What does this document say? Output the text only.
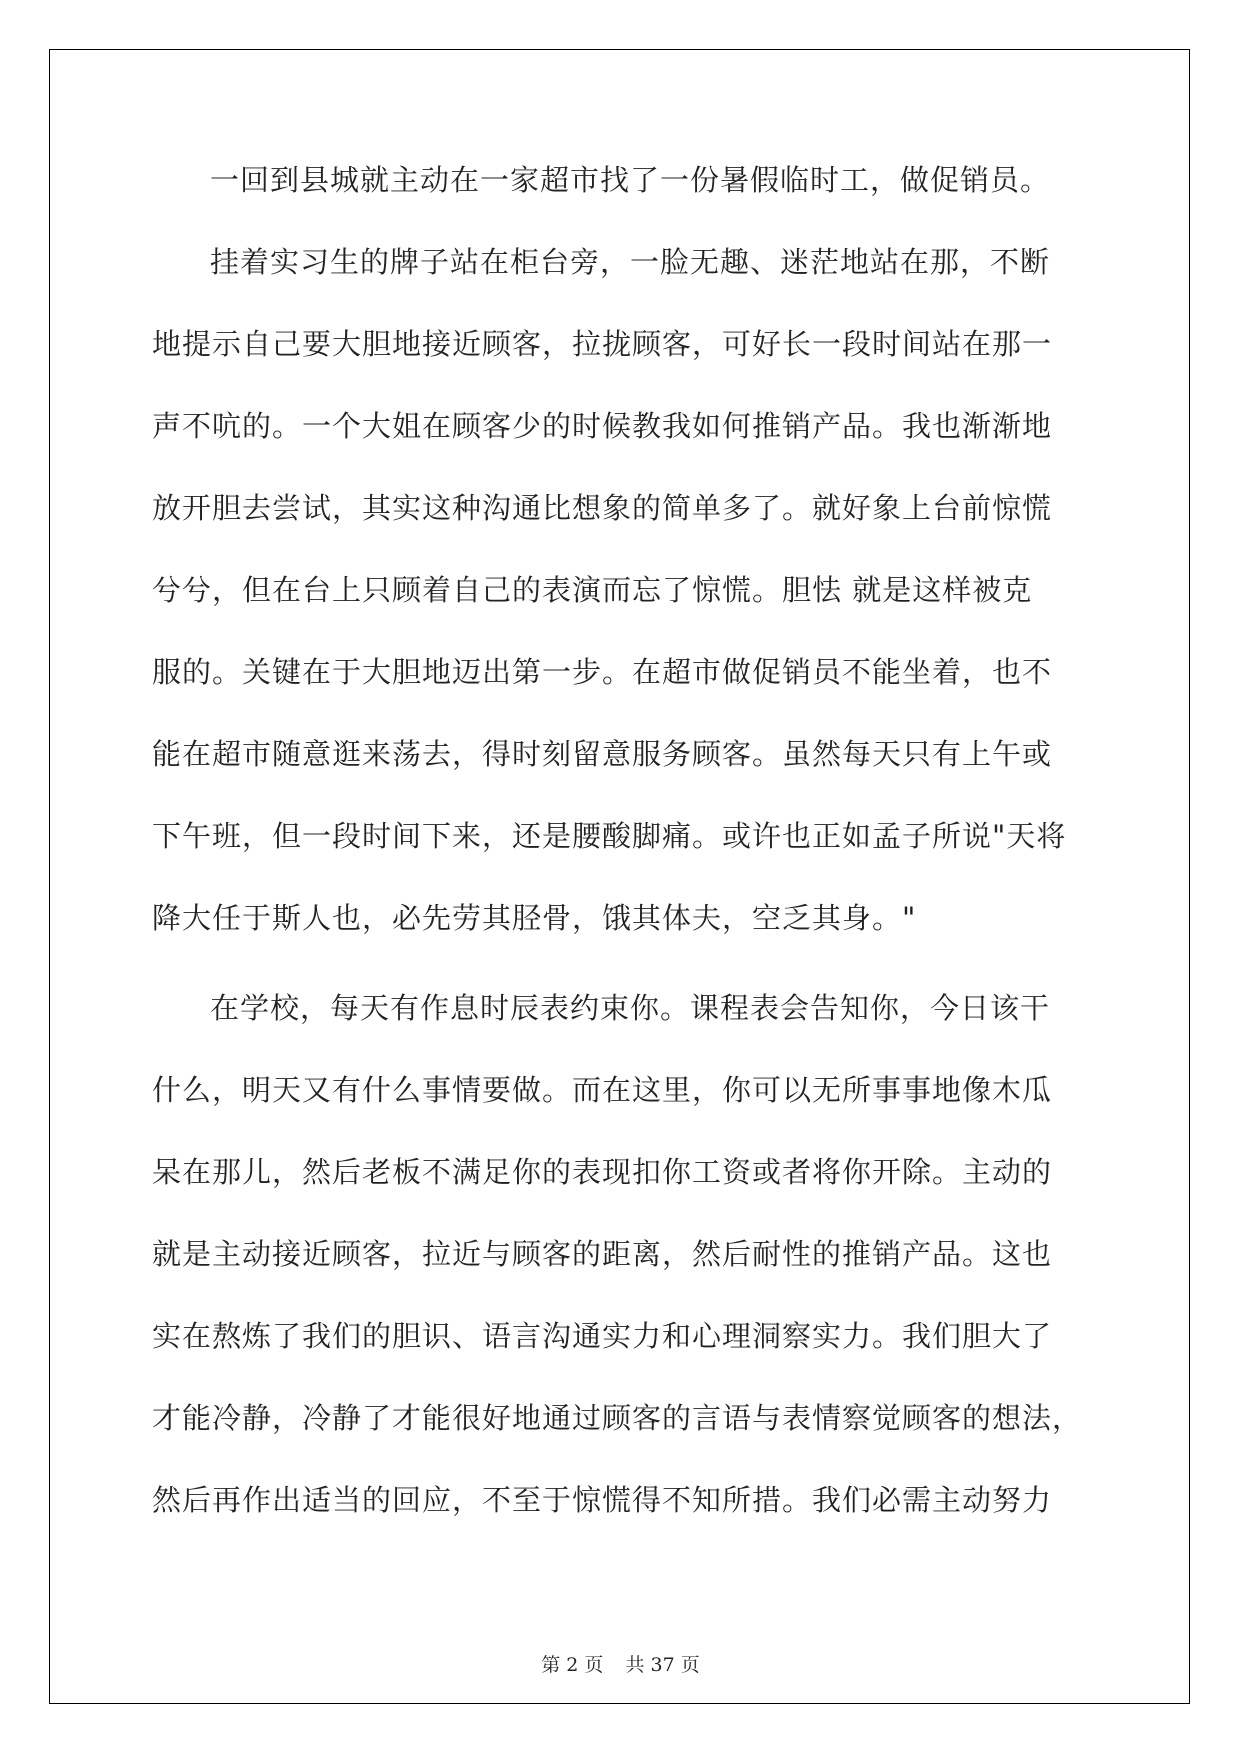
一回到县城就主动在一家超市找了一份暑假临时工，做促销员。
挂着实习生的牌子站在柜台旁，一脸无趣、迷茫地站在那，不断
地提示自己要大胆地接近顾客，拉拢顾客，可好长一段时间站在那一
声不吭的。一个大姐在顾客少的时候教我如何推销产品。我也渐渐地
放开胆去尝试，其实这种沟通比想象的简单多了。就好象上台前惊慌
兮兮，但在台上只顾着自己的表演而忘了惊慌。胆怯 就是这样被克
服的。关键在于大胆地迈出第一步。在超市做促销员不能坐着，也不
能在超市随意逛来荡去，得时刻留意服务顾客。虽然每天只有上午或
下午班，但一段时间下来，还是腰酸脚痛。或许也正如孟子所说"天将
降大任于斯人也，必先劳其胫骨，饿其体夫，空乏其身。"
在学校，每天有作息时辰表约束你。课程表会告知你，今日该干
什么，明天又有什么事情要做。而在这里，你可以无所事事地像木瓜
呆在那儿，然后老板不满足你的表现扣你工资或者将你开除。主动的
就是主动接近顾客，拉近与顾客的距离，然后耐性的推销产品。这也
实在熬炼了我们的胆识、语言沟通实力和心理洞察实力。我们胆大了
才能冷静，冷静了才能很好地通过顾客的言语与表情察觉顾客的想法，
然后再作出适当的回应，不至于惊慌得不知所措。我们必需主动努力
第 2 页 共 37 页
